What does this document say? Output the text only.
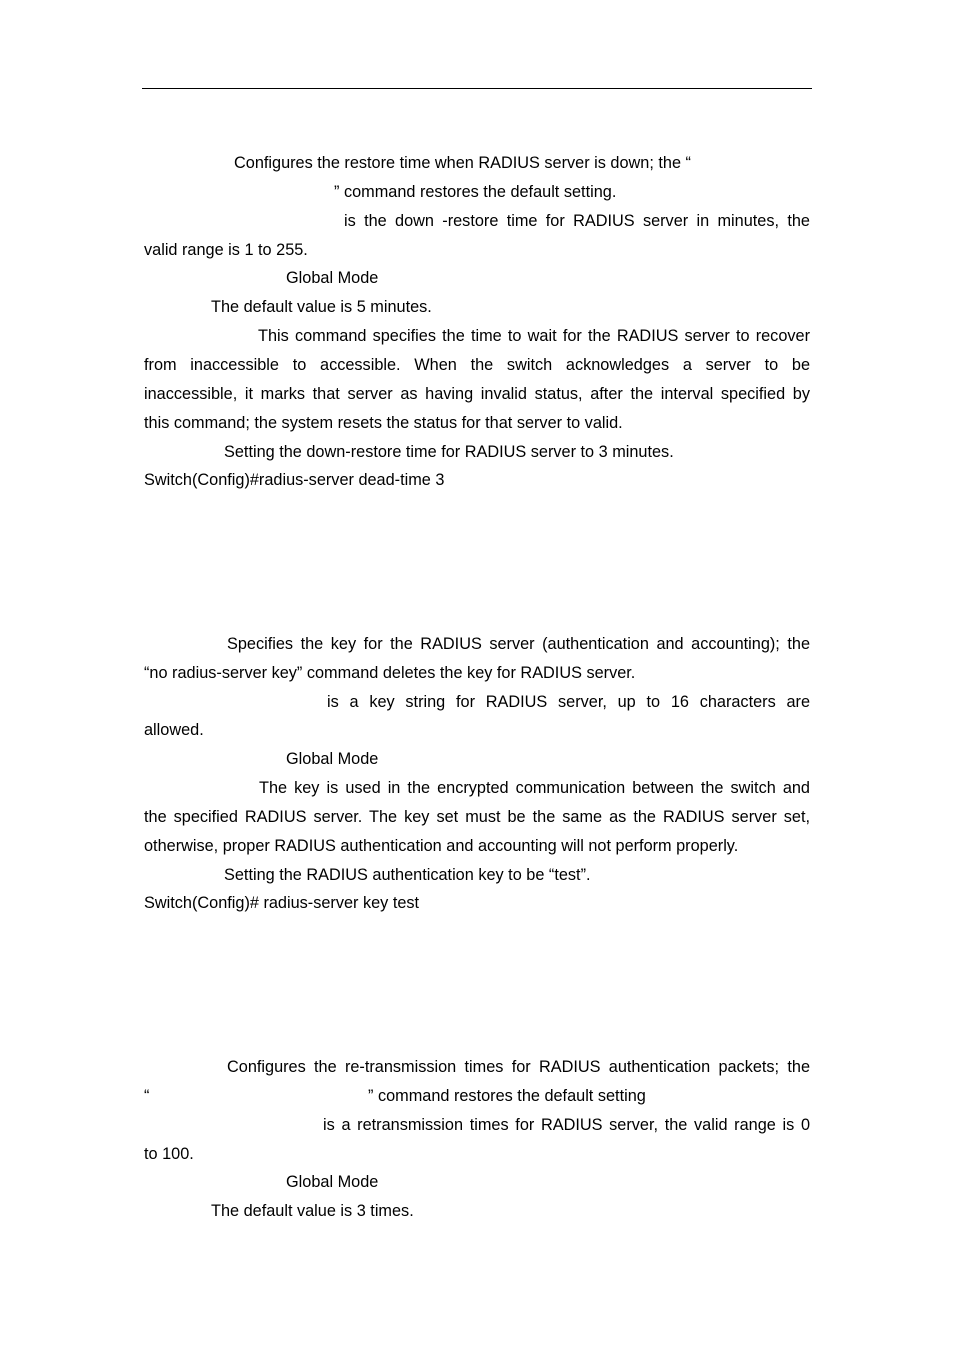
Configures the restore time when RADIUS server is down; the “
” command restores the default setting.
is the down -restore time for RADIUS server in minutes, the
valid range is 1 to 255.
Global Mode
The default value is 5 minutes.
This command specifies the time to wait for the RADIUS server to recover
from inaccessible to accessible. When the switch acknowledges a server to be
inaccessible, it marks that server as having invalid status, after the interval specified by
this command; the system resets the status for that server to valid.
Setting the down-restore time for RADIUS server to 3 minutes.
Switch(Config)#radius-server dead-time 3
Specifies the key for the RADIUS server (authentication and accounting); the
“no radius-server key” command deletes the key for RADIUS server.
is a key string for RADIUS server, up to 16 characters are
allowed.
Global Mode
The key is used in the encrypted communication between the switch and
the specified RADIUS server. The key set must be the same as the RADIUS server set,
otherwise, proper RADIUS authentication and accounting will not perform properly.
Setting the RADIUS authentication key to be “test”.
Switch(Config)# radius-server key test
Configures the re-transmission times for RADIUS authentication packets; the
“	” command restores the default setting
is a retransmission times for RADIUS server, the valid range is 0
to 100.
Global Mode
The default value is 3 times.
